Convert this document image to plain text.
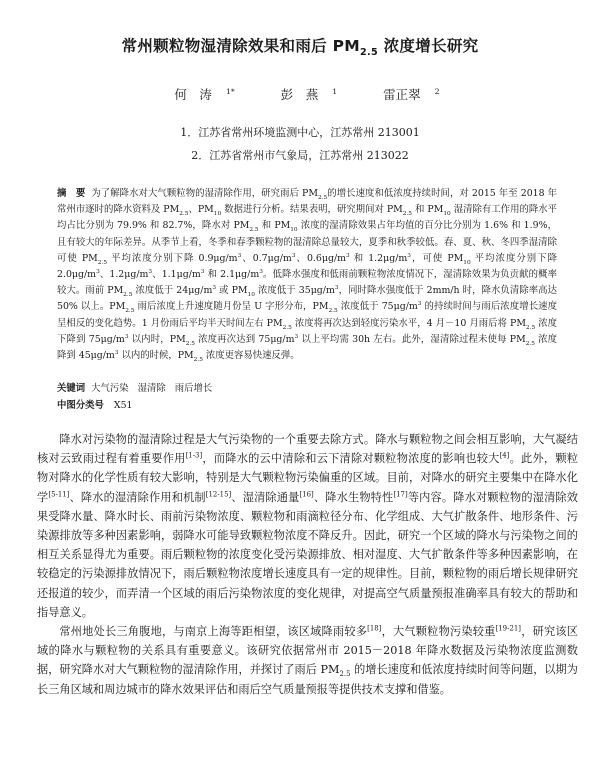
常州颗粒物湿清除效果和雨后 $PM_{2.5}$ 浓度增长研究
何　涛 $^{1*}$	彭　燕 $^1$	雷正翠 $^2$
1．江苏省常州环境监测中心，江苏常州 213001
2．江苏省常州市气象局，江苏常州 213022
摘　要 为了解降水对大气颗粒物的湿清除作用，研究雨后 $PM_{2.5}$的增长速度和低浓度持续时间，对 2015 年至 2018 年常州市逐时的降水资料及 $PM_{2.5}$、$PM_{10}$ 数据进行分析。结果表明，研究期间对 $PM_{2.5}$ 和 $PM_{10}$ 湿清除有工作用的降水平均占比分别为 79.9% 和 82.7%，降水对 $PM_{2.5}$ 和 $PM_{10}$ 浓度的湿清除效果占年均值的百分比分别为 1.6% 和 1.9%，且有较大的年际差异。从季节上看，冬季和春季颗粒物的湿清除总量较大，夏季和秋季较低。春、夏、秋、冬四季湿清除可使 $PM_{2.5}$ 平均浓度分别下降 $0.9\mu g/m^3$、$0.7\mu g/m^3$、$0.6\mu g/m^3$ 和 $1.2\mu g/m^3$，可使 $PM_{10}$ 平均浓度分别下降 $2.0\mu g/m^3$、$1.2\mu g/m^3$、$1.1\mu g/m^3$ 和 $2.1\mu g/m^3$。低降水强度和低雨前颗粒物浓度情况下，湿清除效果为负贡献的概率较大。雨前 $PM_{2.5}$ 浓度低于 $24\mu g/m^3$ 或 $PM_{10}$ 浓度低于 $35\mu g/m^3$，同时降水强度低于 2mm/h 时，降水负清除率高达 50% 以上。$PM_{2.5}$ 雨后浓度上升速度随月份呈 U 字形分布，$PM_{2.5}$ 浓度低于 $75\mu g/m^3$ 的持续时间与雨后浓度增长速度呈相反的变化趋势。1 月份雨后平均半天时间左右 $PM_{2.5}$ 浓度将再次达到轻度污染水平，4 月－10 月雨后将 $PM_{2.5}$ 浓度下降到 $75\mu g/m^3$ 以内时，$PM_{2.5}$ 浓度再次达到 $75\mu g/m^3$ 以上平均需 30h 左右。此外，湿清除过程未使每 $PM_{2.5}$ 浓度降到 $45\mu g/m^3$ 以内的时候，$PM_{2.5}$ 浓度更容易快速反弹。
关键词 大气污染 湿清除 雨后增长
中图分类号 X51

降水对污染物的湿清除过程是大气污染物的一个重要去除方式。降水与颗粒物之间会相互影响，大气凝结核对云致雨过程有着重要作用[1-3]，而降水的云中清除和云下清除对颗粒物浓度的影响也较大[4]。此外，颗粒物对降水的化学性质有较大影响，特别是大气颗粒物污染偏重的区域。目前，对降水的研究主要集中在降水化学[5-11]、降水的湿清除作用和机制[12-15]、湿清除通量[16]、降水生物特性[17]等内容。降水对颗粒物的湿清除效果受降水量、降水时长、雨前污染物浓度、颗粒物和雨滴粒径分布、化学组成、大气扩散条件、地形条件、污染源排放等多种因素影响，弱降水可能导致颗粒物浓度不降反升。因此，研究一个区域的降水与污染物之间的相互关系显得尤为重要。雨后颗粒物的浓度变化受污染源排放、相对湿度、大气扩散条件等多种因素影响，在较稳定的污染源排放情况下，雨后颗粒物浓度增长速度具有一定的规律性。目前，颗粒物的雨后增长规律研究还报道的较少，而弄清一个区域的雨后污染物浓度的变化规律，对提高空气质量预报准确率具有较大的帮助和指导意义。

常州地处长三角腹地，与南京上海等距相望，该区域降雨较多[18]，大气颗粒物污染较重[19-21]，研究该区域的降水与颗粒物的关系具有重要意义。该研究依据常州市 2015－2018 年降水数据及污染物浓度监测数据，研究降水对大气颗粒物的湿清除作用，并探讨了雨后 $PM_{2.5}$ 的增长速度和低浓度持续时间等问题，以期为长三角区域和周边城市的降水效果评估和雨后空气质量预报等提供技术支撑和借鉴。
